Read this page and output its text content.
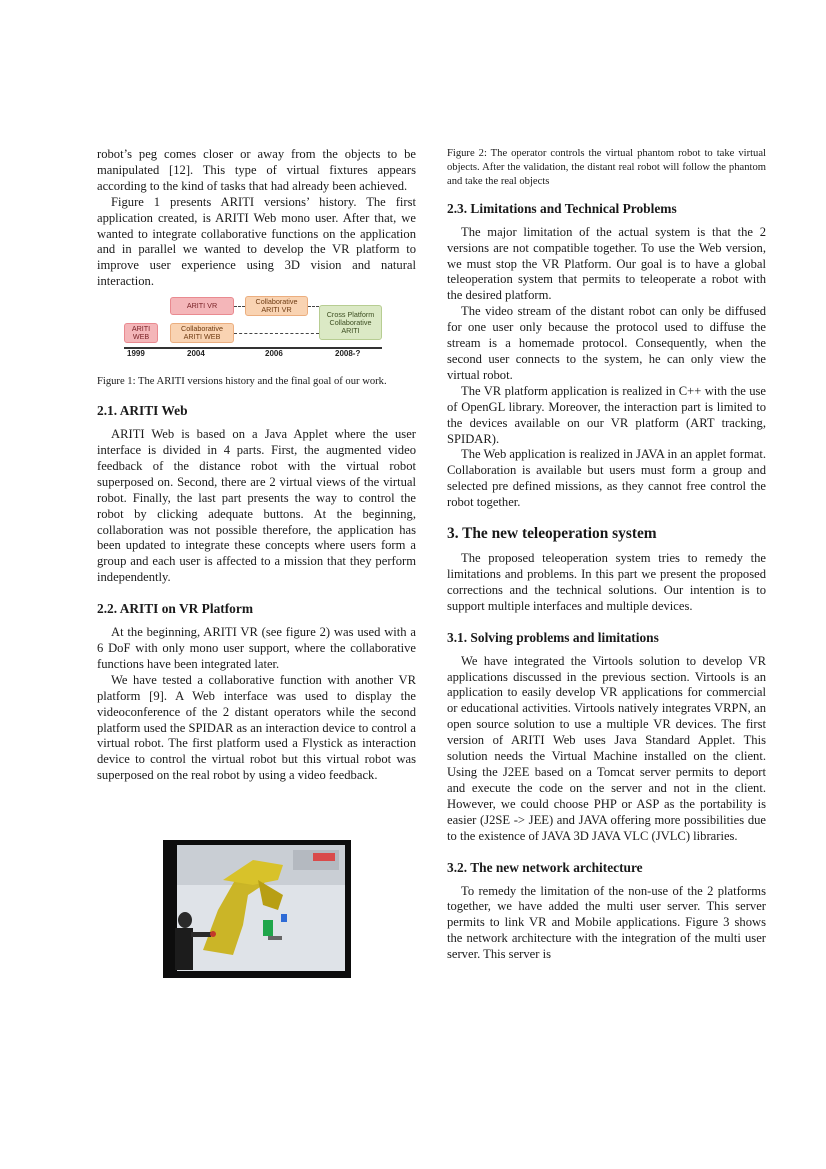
robot’s peg comes closer or away from the objects to be manipulated [12]. This type of virtual fixtures appears according to the kind of tasks that had already been achieved.

Figure 1 presents ARITI versions’ history. The first application created, is ARITI Web mono user. After that, we wanted to integrate collaborative functions on the application and in parallel we wanted to develop the VR platform to improve user experience using 3D vision and natural interaction.

ARITI VR	Collaborative ARITI VR	Cross Platform Collaborative ARITI
ARITI WEB
Collaborative ARITI WEB
1999	2004	2006	2008-?

Figure 1: The ARITI versions history and the final goal of our work.

2.1. ARITI Web

ARITI Web is based on a Java Applet where the user interface is divided in 4 parts. First, the augmented video feedback of the distance robot with the virtual robot superposed on. Second, there are 2 virtual views of the virtual robot. Finally, the last part presents the way to control the robot by clicking adequate buttons. At the beginning, collaboration was not possible therefore, the application has been updated to integrate these concepts where users form a group and each user is affected to a mission that they perform independently.

2.2. ARITI on VR Platform

At the beginning, ARITI VR (see figure 2) was used with a 6 DoF with only mono user support, where the collaborative functions have been integrated later.

We have tested a collaborative function with another VR platform [9]. A Web interface was used to display the videoconference of the 2 distant operators while the second platform used the SPIDAR as an interaction device to control a virtual robot. The first platform used a Flystick as interaction device to control the virtual robot but this virtual robot was superposed on the real robot by using a video feedback.

Figure 2: The operator controls the virtual phantom robot to take virtual objects. After the validation, the distant real robot will follow the phantom and take the real objects

2.3. Limitations and Technical Problems

The major limitation of the actual system is that the 2 versions are not compatible together. To use the Web version, we must stop the VR Platform. Our goal is to have a global teleoperation system that permits to teleoperate a robot with the desired platform.

The video stream of the distant robot can only be diffused for one user only because the protocol used to diffuse the stream is a homemade protocol. Consequently, when the second user connects to the system, he can only view the virtual robot.

The VR platform application is realized in C++ with the use of OpenGL library. Moreover, the interaction part is limited to the devices available on our VR platform (ART tracking, SPIDAR).

The Web application is realized in JAVA in an applet format. Collaboration is available but users must form a group and selected pre defined missions, as they cannot free control the robot together.

3. The new teleoperation system

The proposed teleoperation system tries to remedy the limitations and problems. In this part we present the proposed corrections and the technical solutions. Our intention is to support multiple interfaces and multiple devices.

3.1. Solving problems and limitations

We have integrated the Virtools solution to develop VR applications discussed in the previous section. Virtools is an application to easily develop VR applications for commercial or educational activities. Virtools natively integrates VRPN, an open source solution to use a multiple VR devices. The first version of ARITI Web uses Java Standard Applet. This solution needs the Virtual Machine installed on the client. Using the J2EE based on a Tomcat server permits to deport and execute the code on the server and not in the client. However, we could choose PHP or ASP as the portability is easier (J2SE -> JEE) and JAVA offering more possibilities due to the existence of JAVA 3D JAVA VLC (JVLC) libraries.

3.2. The new network architecture

To remedy the limitation of the non-use of the 2 platforms together, we have added the multi user server. This server permits to link VR and Mobile applications. Figure 3 shows the network architecture with the integration of the multi user server. This server is
